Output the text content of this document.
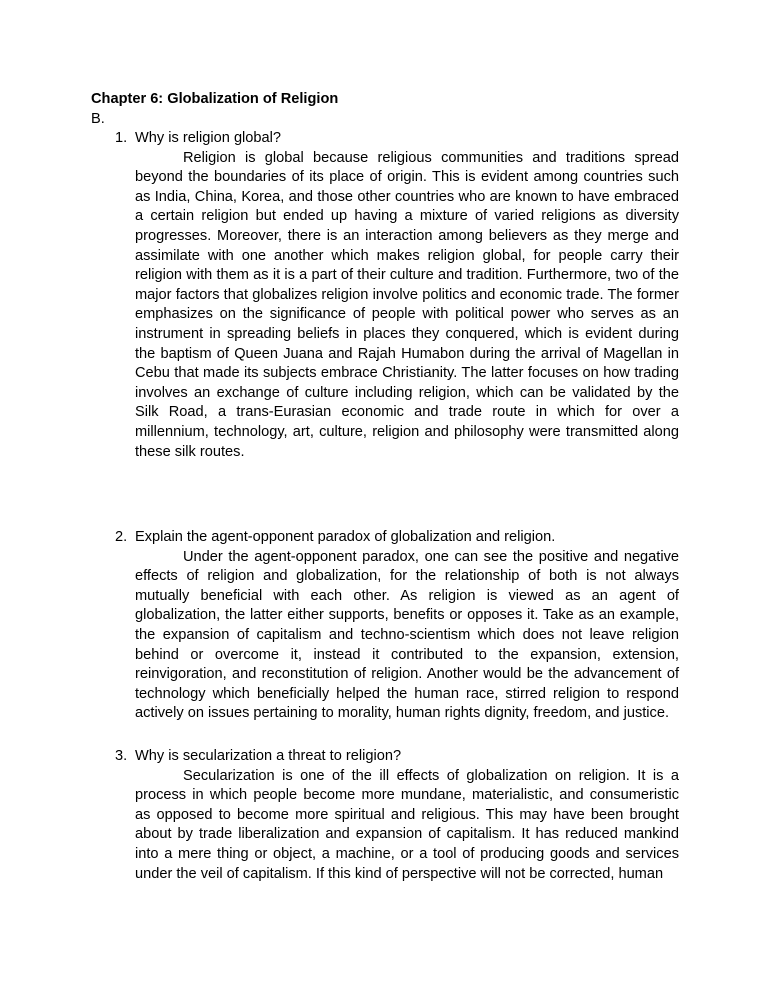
Chapter 6: Globalization of Religion
B.
1. Why is religion global?

Religion is global because religious communities and traditions spread beyond the boundaries of its place of origin. This is evident among countries such as India, China, Korea, and those other countries who are known to have embraced a certain religion but ended up having a mixture of varied religions as diversity progresses. Moreover, there is an interaction among believers as they merge and assimilate with one another which makes religion global, for people carry their religion with them as it is a part of their culture and tradition. Furthermore, two of the major factors that globalizes religion involve politics and economic trade. The former emphasizes on the significance of people with political power who serves as an instrument in spreading beliefs in places they conquered, which is evident during the baptism of Queen Juana and Rajah Humabon during the arrival of Magellan in Cebu that made its subjects embrace Christianity. The latter focuses on how trading involves an exchange of culture including religion, which can be validated by the Silk Road, a trans-Eurasian economic and trade route in which for over a millennium, technology, art, culture, religion and philosophy were transmitted along these silk routes.

2. Explain the agent-opponent paradox of globalization and religion.

Under the agent-opponent paradox, one can see the positive and negative effects of religion and globalization, for the relationship of both is not always mutually beneficial with each other. As religion is viewed as an agent of globalization, the latter either supports, benefits or opposes it. Take as an example, the expansion of capitalism and techno-scientism which does not leave religion behind or overcome it, instead it contributed to the expansion, extension, reinvigoration, and reconstitution of religion. Another would be the advancement of technology which beneficially helped the human race, stirred religion to respond actively on issues pertaining to morality, human rights dignity, freedom, and justice.

3. Why is secularization a threat to religion?

Secularization is one of the ill effects of globalization on religion. It is a process in which people become more mundane, materialistic, and consumeristic as opposed to become more spiritual and religious. This may have been brought about by trade liberalization and expansion of capitalism. It has reduced mankind into a mere thing or object, a machine, or a tool of producing goods and services under the veil of capitalism. If this kind of perspective will not be corrected, human
